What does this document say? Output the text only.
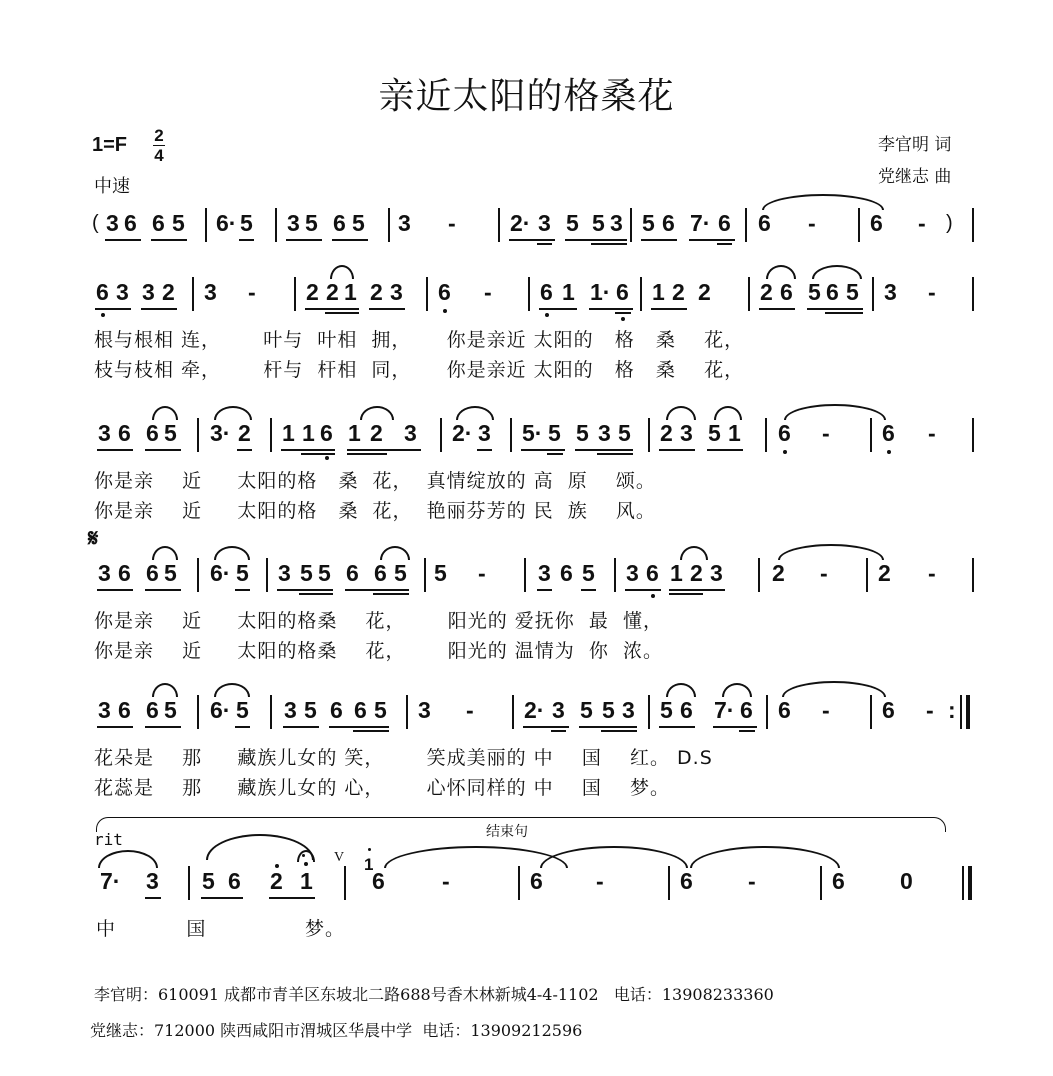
亲近太阳的格桑花
1=F 2
4
中速
李官明 词
党继志 曲
( 3 6 6 5 6· 5 3 5 6 5 3 - 2· 3 5 5 3 5 6 7· 6 6 - 6 - )
6 3 3 2 3 - 2 2 1 2 3 6 - 6 1 1· 6 1 2 2 2 6 5 6 5 3 -
根与根相 连，      叶与  叶相  拥，     你是亲近 太阳的   格   桑    花，
枝与枝相 牵，      杆与  杆相  同，     你是亲近 太阳的   格   桑    花，
3 6 6 5 3· 2 1 1 6 1 2 3 2· 3 5· 5 5 3 5 2 3 5 1 6 - 6 -
你是亲    近     太阳的格   桑  花，  真情绽放的 高  原    颂。
你是亲    近     太阳的格   桑  花，  艳丽芬芳的 民  族    风。
𝄋
3 6 6 5 6· 5 3 5 5 6 6 5 5 - 3 6 5 3 6 1 2 3 2 - 2 -
你是亲    近     太阳的格桑    花，      阳光的 爱抚你  最  懂，
你是亲    近     太阳的格桑    花，      阳光的 温情为  你  浓。
3 6 6 5 6· 5 3 5 6 6 5 3 - 2· 3 5 5 3 5 6 7· 6 6 - 6 - :
花朵是    那     藏族儿女的 笑，      笑成美丽的 中    国    红。 D.S
花蕊是    那     藏族儿女的 心，      心怀同样的 中    国    梦。
结束句
rit
7· 3 5 6 2 1
V 1
6 -	6 -	6 -	6 0
中          国              梦。
李官明：610091 成都市青羊区东坡北二路688号香木林新城4-4-1102   电话：13908233360
党继志：712000 陕西咸阳市渭城区华晨中学  电话：13909212596
